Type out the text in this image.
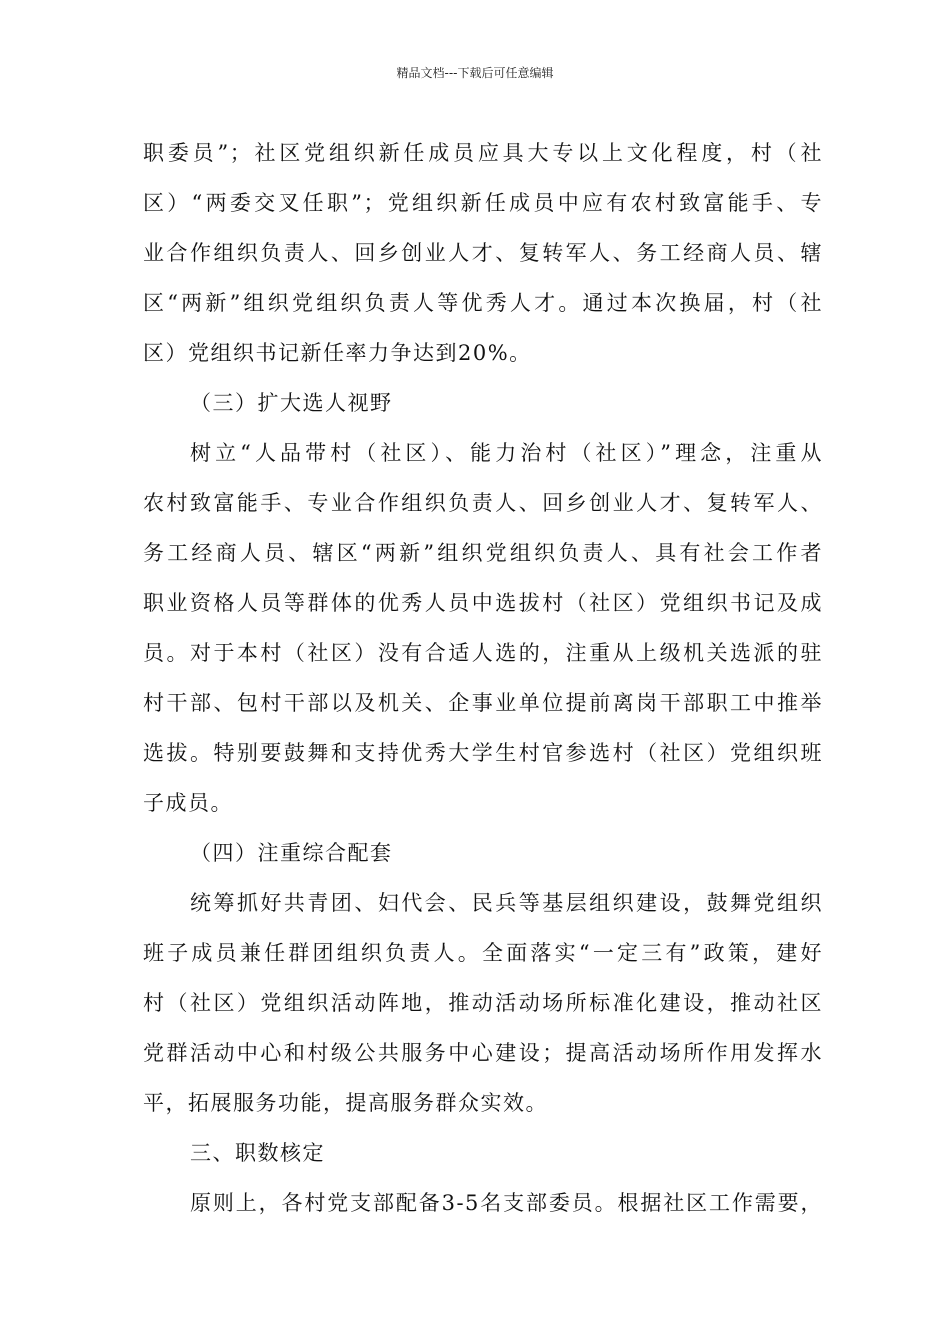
精品文档---下载后可任意编辑
职委员”；社区党组织新任成员应具大专以上文化程度，村（社
区）“两委交叉任职”；党组织新任成员中应有农村致富能手、专
业合作组织负责人、回乡创业人才、复转军人、务工经商人员、辖
区“两新”组织党组织负责人等优秀人才。通过本次换届，村（社
区）党组织书记新任率力争达到20%。
（三）扩大选人视野
树立“人品带村（社区）、能力治村（社区）”理念，注重从
农村致富能手、专业合作组织负责人、回乡创业人才、复转军人、
务工经商人员、辖区“两新”组织党组织负责人、具有社会工作者
职业资格人员等群体的优秀人员中选拔村（社区）党组织书记及成
员。对于本村（社区）没有合适人选的，注重从上级机关选派的驻
村干部、包村干部以及机关、企事业单位提前离岗干部职工中推举
选拔。特别要鼓舞和支持优秀大学生村官参选村（社区）党组织班
子成员。
（四）注重综合配套
统筹抓好共青团、妇代会、民兵等基层组织建设，鼓舞党组织
班子成员兼任群团组织负责人。全面落实“一定三有”政策，建好
村（社区）党组织活动阵地，推动活动场所标准化建设，推动社区
党群活动中心和村级公共服务中心建设；提高活动场所作用发挥水
平，拓展服务功能，提高服务群众实效。
三、职数核定
原则上，各村党支部配备3-5名支部委员。根据社区工作需要，
